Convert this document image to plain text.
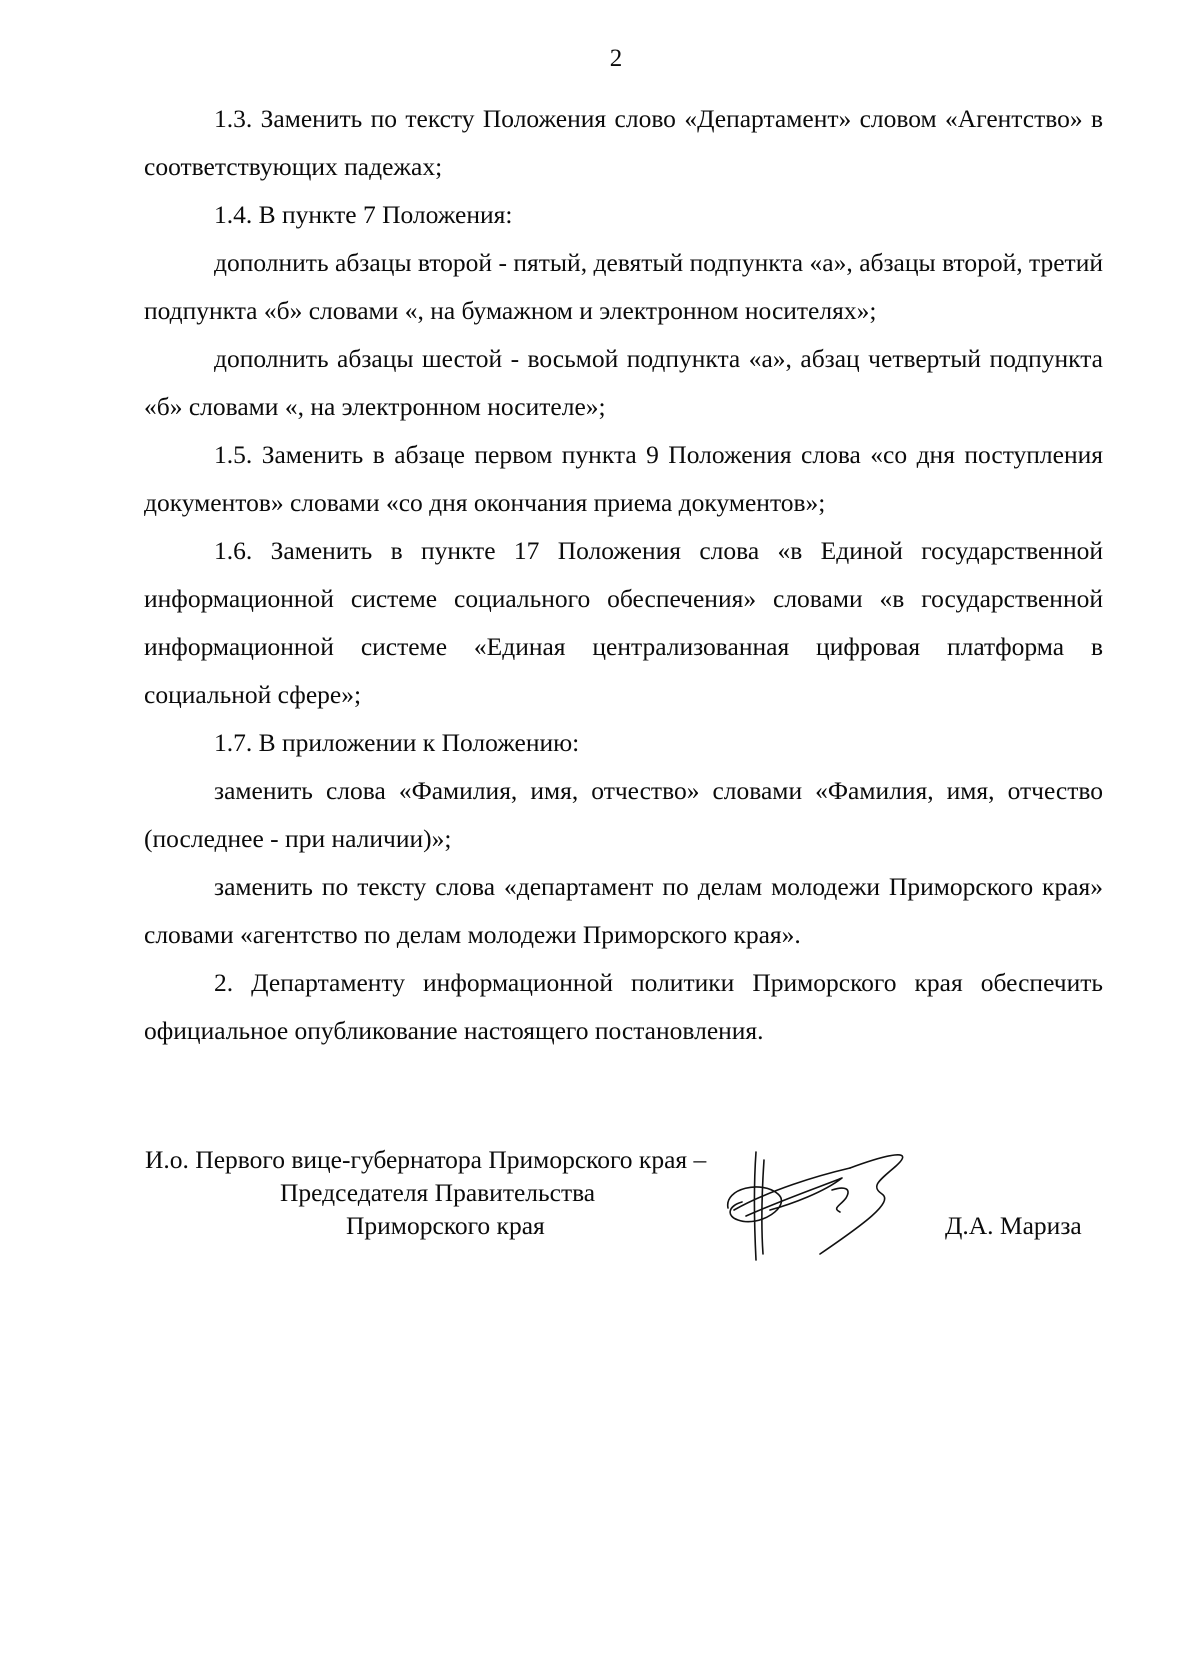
2

1.3. Заменить по тексту Положения слово «Департамент» словом «Агентство» в соответствующих падежах;

1.4. В пункте 7 Положения:

дополнить абзацы второй - пятый, девятый подпункта «а», абзацы второй, третий подпункта «б» словами «, на бумажном и электронном носителях»;

дополнить абзацы шестой - восьмой подпункта «а», абзац четвертый подпункта «б» словами «, на электронном носителе»;

1.5. Заменить в абзаце первом пункта 9 Положения слова «со дня поступления документов» словами «со дня окончания приема документов»;

1.6. Заменить в пункте 17 Положения слова «в Единой государственной информационной системе социального обеспечения» словами «в государственной информационной системе «Единая централизованная цифровая платформа в социальной сфере»;

1.7. В приложении к Положению:

заменить слова «Фамилия, имя, отчество» словами «Фамилия, имя, отчество (последнее - при наличии)»;

заменить по тексту слова «департамент по делам молодежи Приморского края» словами «агентство по делам молодежи Приморского края».

2. Департаменту информационной политики Приморского края обеспечить официальное опубликование настоящего постановления.

И.о. Первого вице-губернатора Приморского края –
Председателя Правительства
Приморского края	Д.А. Мариза
